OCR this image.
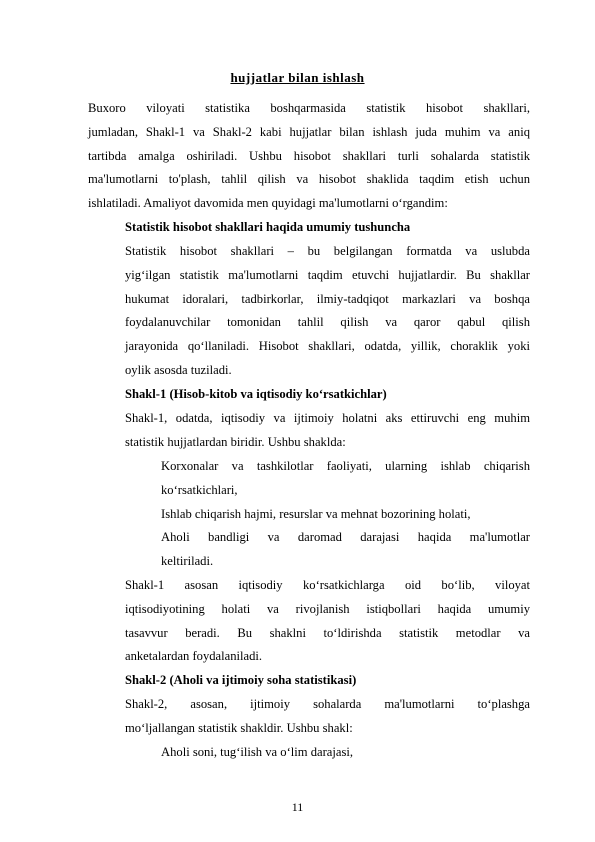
hujjatlar bilan ishlash
Buxoro viloyati statistika boshqarmasida statistik hisobot shakllari,
jumladan, Shakl-1 va Shakl-2 kabi hujjatlar bilan ishlash juda muhim va aniq
tartibda amalga oshiriladi. Ushbu hisobot shakllari turli sohalarda statistik
ma'lumotlarni to'plash, tahlil qilish va hisobot shaklida taqdim etish uchun
ishlatiladi. Amaliyot davomida men quyidagi ma'lumotlarni o‘rgandim:
Statistik hisobot shakllari haqida umumiy tushuncha
Statistik hisobot shakllari – bu belgilangan formatda va uslubda
yig‘ilgan statistik ma'lumotlarni taqdim etuvchi hujjatlardir. Bu shakllar
hukumat idoralari, tadbirkorlar, ilmiy-tadqiqot markazlari va boshqa
foydalanuvchilar tomonidan tahlil qilish va qaror qabul qilish
jarayonida qo‘llaniladi. Hisobot shakllari, odatda, yillik, choraklik yoki
oylik asosda tuziladi.
Shakl-1 (Hisob-kitob va iqtisodiy ko‘rsatkichlar)
Shakl-1, odatda, iqtisodiy va ijtimoiy holatni aks ettiruvchi eng muhim
statistik hujjatlardan biridir. Ushbu shaklda:
Korxonalar va tashkilotlar faoliyati, ularning ishlab chiqarish
ko‘rsatkichlari,
Ishlab chiqarish hajmi, resurslar va mehnat bozorining holati,
Aholi bandligi va daromad darajasi haqida ma'lumotlar
keltiriladi.
Shakl-1 asosan iqtisodiy ko‘rsatkichlarga oid bo‘lib, viloyat
iqtisodiyotining holati va rivojlanish istiqbollari haqida umumiy
tasavvur beradi. Bu shaklni to‘ldirishda statistik metodlar va
anketalardan foydalaniladi.
Shakl-2 (Aholi va ijtimoiy soha statistikasi)
Shakl-2, asosan, ijtimoiy sohalarda ma'lumotlarni to‘plashga
mo‘ljallangan statistik shakldir. Ushbu shakl:
Aholi soni, tug‘ilish va o‘lim darajasi,
11
